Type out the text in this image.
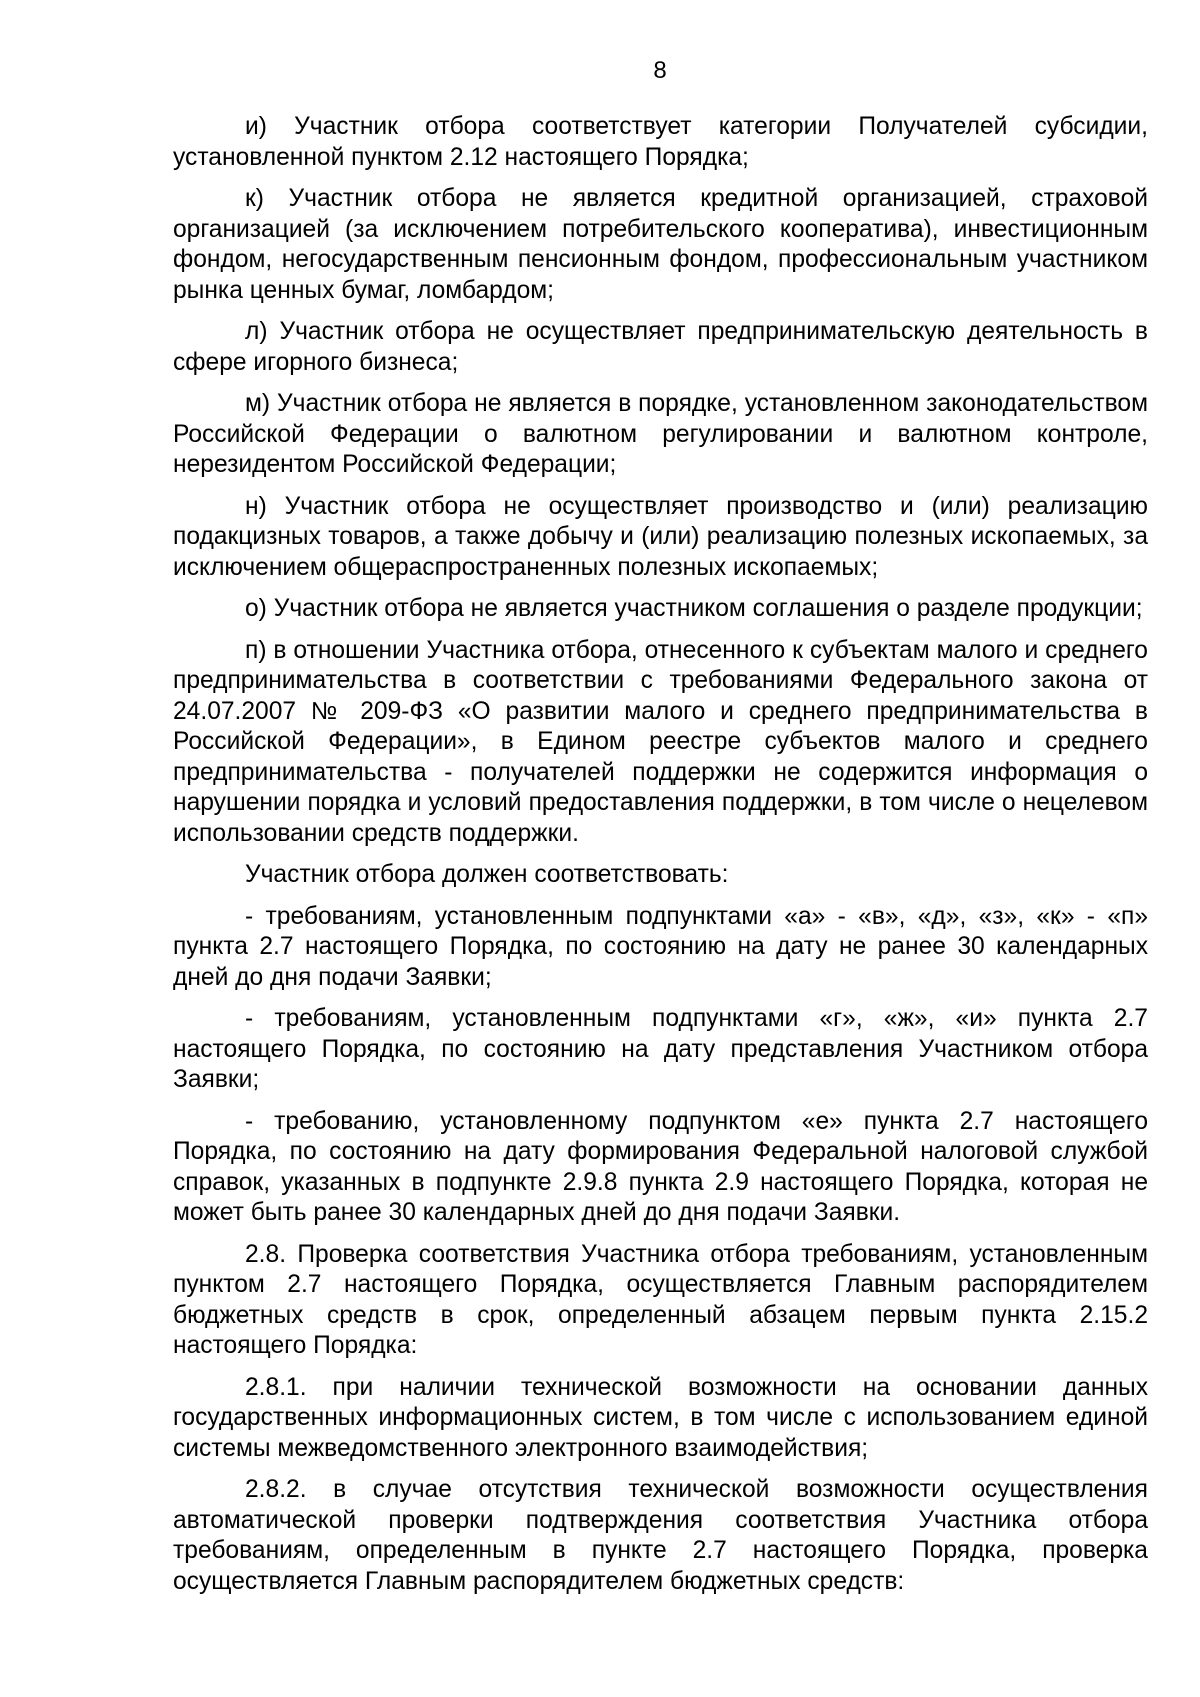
8

и) Участник отбора соответствует категории Получателей субсидии, установленной пунктом 2.12 настоящего Порядка;

к) Участник отбора не является кредитной организацией, страховой организацией (за исключением потребительского кооператива), инвестиционным фондом, негосударственным пенсионным фондом, профессиональным участником рынка ценных бумаг, ломбардом;

л) Участник отбора не осуществляет предпринимательскую деятельность в сфере игорного бизнеса;

м) Участник отбора не является в порядке, установленном законодательством Российской Федерации о валютном регулировании и валютном контроле, нерезидентом Российской Федерации;

н) Участник отбора не осуществляет производство и (или) реализацию подакцизных товаров, а также добычу и (или) реализацию полезных ископаемых, за исключением общераспространенных полезных ископаемых;

о) Участник отбора не является участником соглашения о разделе продукции;

п) в отношении Участника отбора, отнесенного к субъектам малого и среднего предпринимательства в соответствии с требованиями Федерального закона от 24.07.2007 № 209-ФЗ «О развитии малого и среднего предпринимательства в Российской Федерации», в Едином реестре субъектов малого и среднего предпринимательства - получателей поддержки не содержится информация о нарушении порядка и условий предоставления поддержки, в том числе о нецелевом использовании средств поддержки.

Участник отбора должен соответствовать:

- требованиям, установленным подпунктами «а» - «в», «д», «з», «к» - «п» пункта 2.7 настоящего Порядка, по состоянию на дату не ранее 30 календарных дней до дня подачи Заявки;

- требованиям, установленным подпунктами «г», «ж», «и» пункта 2.7 настоящего Порядка, по состоянию на дату представления Участником отбора Заявки;

- требованию, установленному подпунктом «е» пункта 2.7 настоящего Порядка, по состоянию на дату формирования Федеральной налоговой службой справок, указанных в подпункте 2.9.8 пункта 2.9 настоящего Порядка, которая не может быть ранее 30 календарных дней до дня подачи Заявки.

2.8. Проверка соответствия Участника отбора требованиям, установленным пунктом 2.7 настоящего Порядка, осуществляется Главным распорядителем бюджетных средств в срок, определенный абзацем первым пункта 2.15.2 настоящего Порядка:

2.8.1. при наличии технической возможности на основании данных государственных информационных систем, в том числе с использованием единой системы межведомственного электронного взаимодействия;

2.8.2. в случае отсутствия технической возможности осуществления автоматической проверки подтверждения соответствия Участника отбора требованиям, определенным в пункте 2.7 настоящего Порядка, проверка осуществляется Главным распорядителем бюджетных средств:
